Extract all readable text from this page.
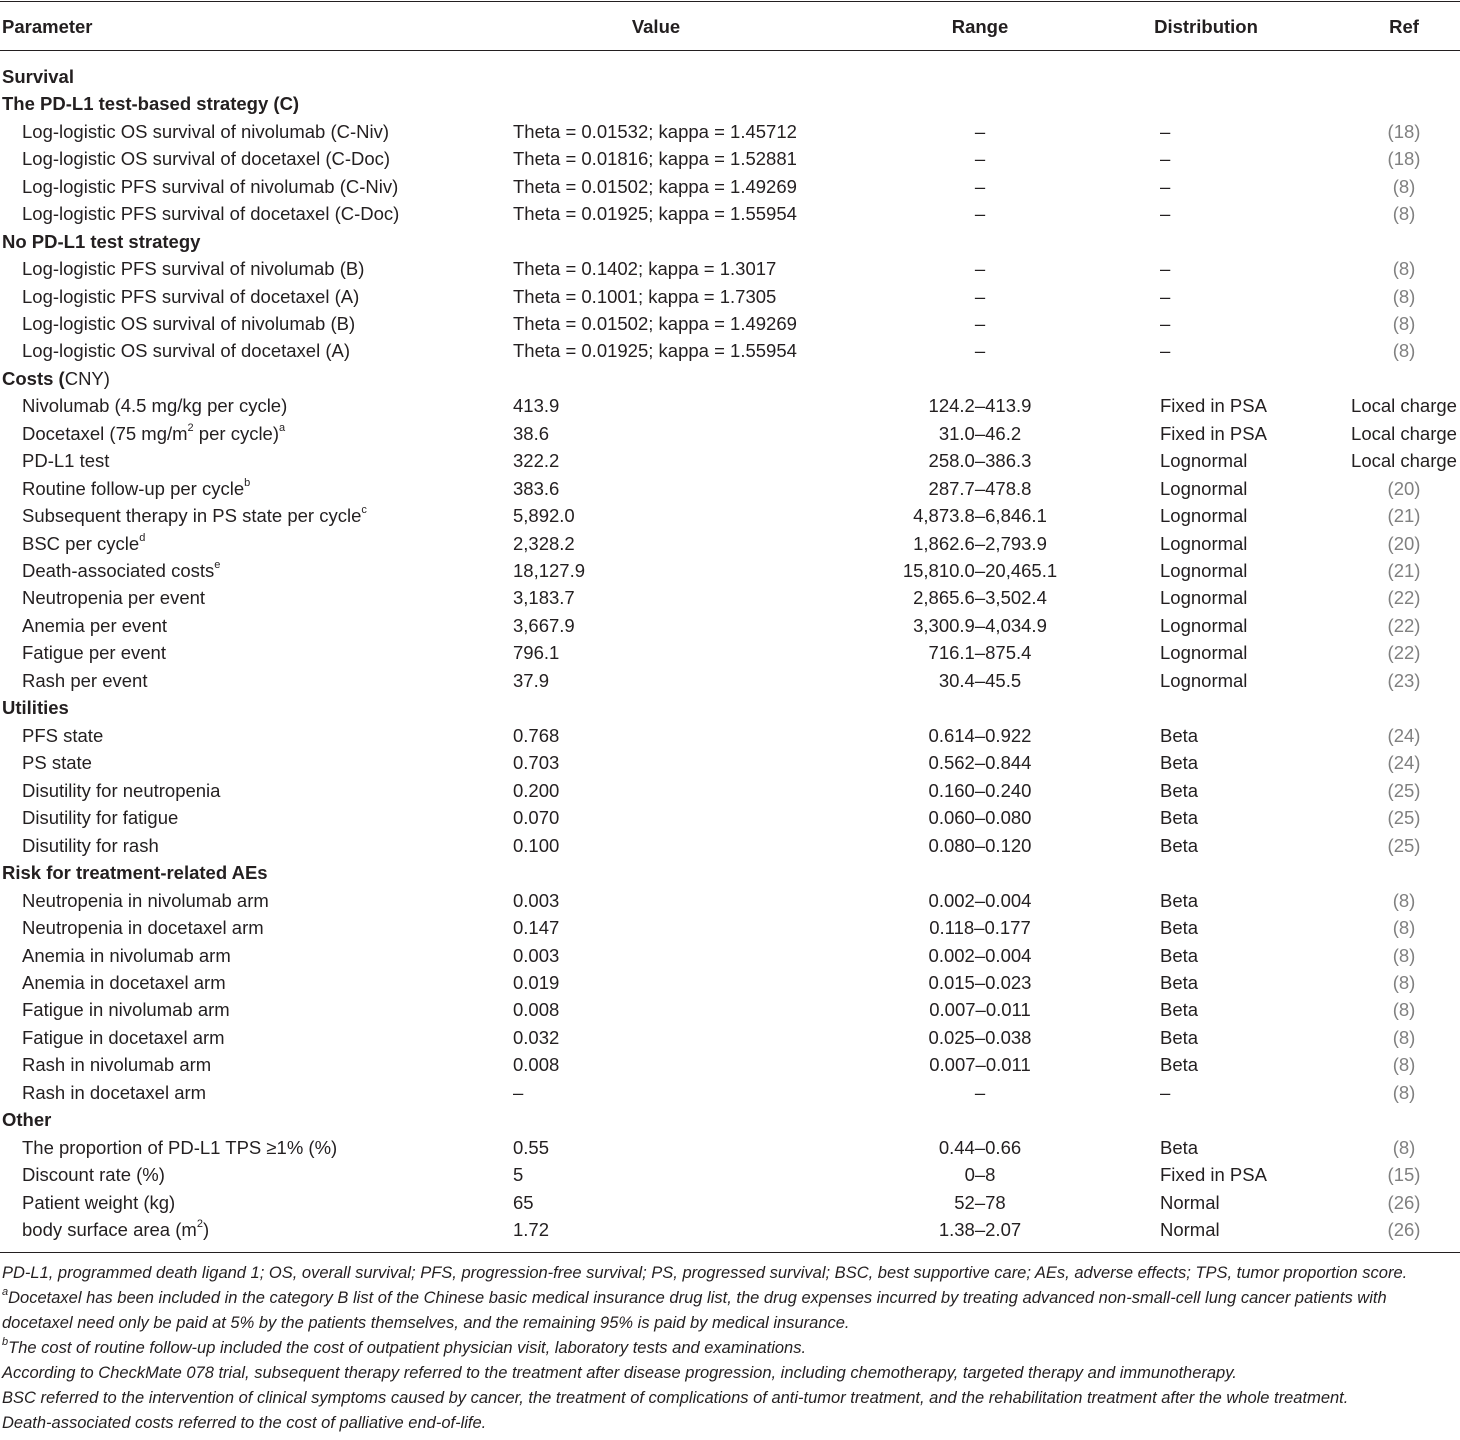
Parameter	Value	Range	Distribution	Ref
Survival
The PD-L1 test-based strategy (C)
Log-logistic OS survival of nivolumab (C-Niv)	Theta = 0.01532; kappa = 1.45712	–	–	(18)
Log-logistic OS survival of docetaxel (C-Doc)	Theta = 0.01816; kappa = 1.52881	–	–	(18)
Log-logistic PFS survival of nivolumab (C-Niv)	Theta = 0.01502; kappa = 1.49269	–	–	(8)
Log-logistic PFS survival of docetaxel (C-Doc)	Theta = 0.01925; kappa = 1.55954	–	–	(8)
No PD-L1 test strategy
Log-logistic PFS survival of nivolumab (B)	Theta = 0.1402; kappa = 1.3017	–	–	(8)
Log-logistic PFS survival of docetaxel (A)	Theta = 0.1001; kappa = 1.7305	–	–	(8)
Log-logistic OS survival of nivolumab (B)	Theta = 0.01502; kappa = 1.49269	–	–	(8)
Log-logistic OS survival of docetaxel (A)	Theta = 0.01925; kappa = 1.55954	–	–	(8)
Costs (CNY)
Nivolumab (4.5 mg/kg per cycle)	413.9	124.2–413.9	Fixed in PSA	Local charge
Docetaxel (75 $mg/m^2$ per cycle)$^a$	38.6	31.0–46.2	Fixed in PSA	Local charge
PD-L1 test	322.2	258.0–386.3	Lognormal	Local charge
Routine follow-up per cycle$^b$	383.6	287.7–478.8	Lognormal	(20)
Subsequent therapy in PS state per cycle$^c$	5,892.0	4,873.8–6,846.1	Lognormal	(21)
BSC per cycle$^d$	2,328.2	1,862.6–2,793.9	Lognormal	(20)
Death-associated costs$^e$	18,127.9	15,810.0–20,465.1	Lognormal	(21)
Neutropenia per event	3,183.7	2,865.6–3,502.4	Lognormal	(22)
Anemia per event	3,667.9	3,300.9–4,034.9	Lognormal	(22)
Fatigue per event	796.1	716.1–875.4	Lognormal	(22)
Rash per event	37.9	30.4–45.5	Lognormal	(23)
Utilities
PFS state	0.768	0.614–0.922	Beta	(24)
PS state	0.703	0.562–0.844	Beta	(24)
Disutility for neutropenia	0.200	0.160–0.240	Beta	(25)
Disutility for fatigue	0.070	0.060–0.080	Beta	(25)
Disutility for rash	0.100	0.080–0.120	Beta	(25)
Risk for treatment-related AEs
Neutropenia in nivolumab arm	0.003	0.002–0.004	Beta	(8)
Neutropenia in docetaxel arm	0.147	0.118–0.177	Beta	(8)
Anemia in nivolumab arm	0.003	0.002–0.004	Beta	(8)
Anemia in docetaxel arm	0.019	0.015–0.023	Beta	(8)
Fatigue in nivolumab arm	0.008	0.007–0.011	Beta	(8)
Fatigue in docetaxel arm	0.032	0.025–0.038	Beta	(8)
Rash in nivolumab arm	0.008	0.007–0.011	Beta	(8)
Rash in docetaxel arm	–	–	–	(8)
Other
The proportion of PD-L1 TPS ≥1% (%)	0.55	0.44–0.66	Beta	(8)
Discount rate (%)	5	0–8	Fixed in PSA	(15)
Patient weight (kg)	65	52–78	Normal	(26)
body surface area $(m^2)$	1.72	1.38–2.07	Normal	(26)

PD-L1, programmed death ligand 1; OS, overall survival; PFS, progression-free survival; PS, progressed survival; BSC, best supportive care; AEs, adverse effects; TPS, tumor proportion score.

$^a$Docetaxel has been included in the category B list of the Chinese basic medical insurance drug list, the drug expenses incurred by treating advanced non-small-cell lung cancer patients with docetaxel need only be paid at 5% by the patients themselves, and the remaining 95% is paid by medical insurance.

$^b$The cost of routine follow-up included the cost of outpatient physician visit, laboratory tests and examinations.

According to CheckMate 078 trial, subsequent therapy referred to the treatment after disease progression, including chemotherapy, targeted therapy and immunotherapy.

BSC referred to the intervention of clinical symptoms caused by cancer, the treatment of complications of anti-tumor treatment, and the rehabilitation treatment after the whole treatment.

Death-associated costs referred to the cost of palliative end-of-life.
